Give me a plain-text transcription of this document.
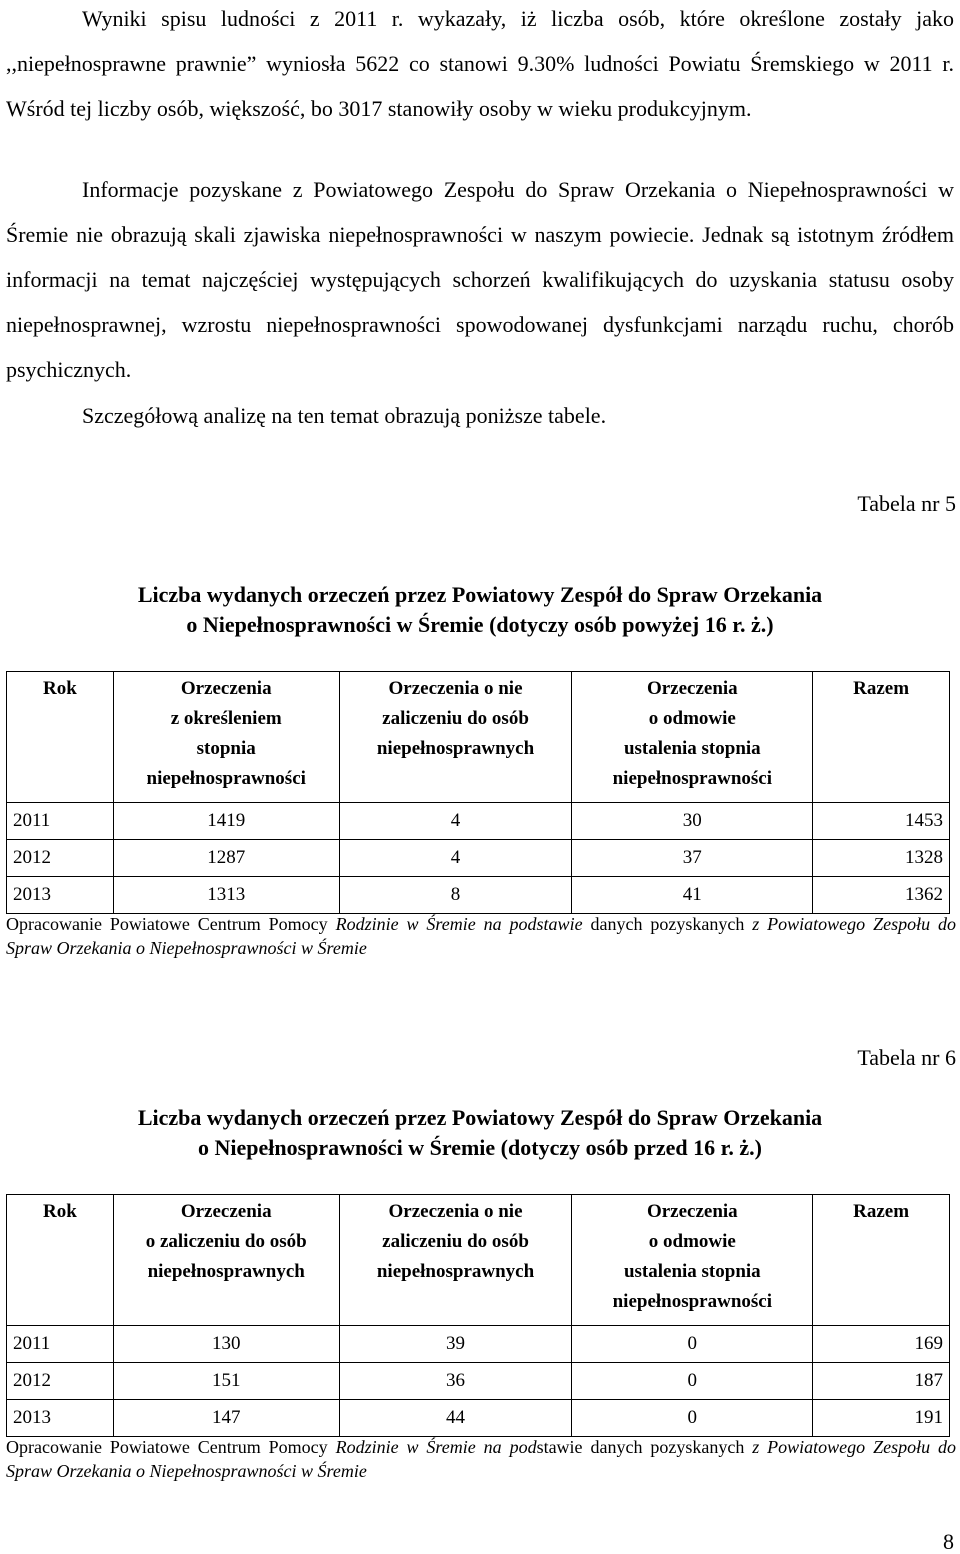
Wyniki spisu ludności z 2011 r. wykazały, iż liczba osób, które określone zostały jako ,,niepełnosprawne prawnie” wyniosła 5622 co stanowi 9.30% ludności Powiatu Śremskiego w 2011 r. Wśród tej liczby osób, większość, bo 3017 stanowiły osoby w wieku produkcyjnym.

Informacje pozyskane z Powiatowego Zespołu do Spraw Orzekania o Niepełnosprawności w Śremie nie obrazują skali zjawiska niepełnosprawności w naszym powiecie. Jednak są istotnym źródłem informacji na temat najczęściej występujących schorzeń kwalifikujących do uzyskania statusu osoby niepełnosprawnej, wzrostu niepełnosprawności spowodowanej dysfunkcjami narządu ruchu, chorób psychicznych.

Szczegółową analizę na ten temat obrazują poniższe tabele.

Tabela nr 5
Liczba wydanych orzeczeń przez Powiatowy Zespół do Spraw Orzekania
o Niepełnosprawności w Śremie (dotyczy osób powyżej 16 r. ż.)
Rok	Orzeczenia
z określeniem
stopnia
niepełnosprawności	Orzeczenia o nie
zaliczeniu do osób
niepełnosprawnych	Orzeczenia
o odmowie
ustalenia stopnia
niepełnosprawności	Razem

2011	1419	4	30	1453
2012	1287	4	37	1328
2013	1313	8	41	1362

Opracowanie Powiatowe Centrum Pomocy Rodzinie w Śremie na podstawie danych pozyskanych z Powiatowego Zespołu do Spraw Orzekania o Niepełnosprawności w Śremie

Tabela nr 6
Liczba wydanych orzeczeń przez Powiatowy Zespół do Spraw Orzekania
o Niepełnosprawności w Śremie (dotyczy osób przed 16 r. ż.)
Rok	Orzeczenia
o zaliczeniu do osób
niepełnosprawnych	Orzeczenia o nie
zaliczeniu do osób
niepełnosprawnych	Orzeczenia
o odmowie
ustalenia stopnia
niepełnosprawności	Razem

2011	130	39	0	169
2012	151	36	0	187
2013	147	44	0	191

Opracowanie Powiatowe Centrum Pomocy Rodzinie w Śremie na podstawie danych pozyskanych z Powiatowego Zespołu do Spraw Orzekania o Niepełnosprawności w Śremie

8
